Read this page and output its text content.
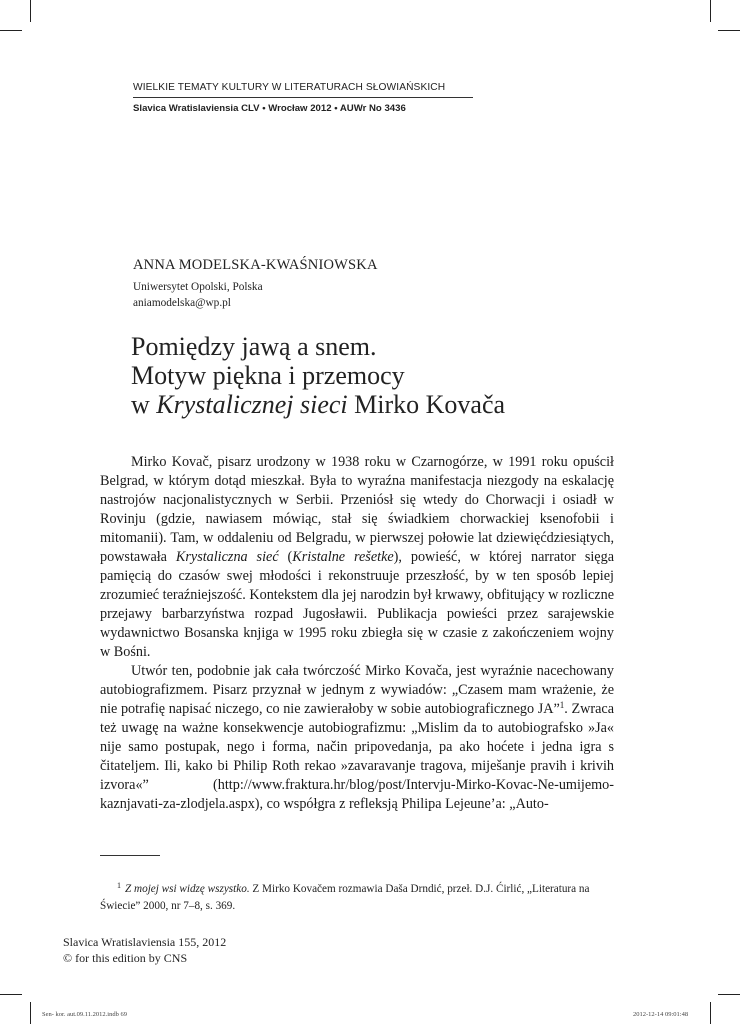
WIELKIE TEMATY KULTURY W LITERATURACH SŁOWIAŃSKICH
Slavica Wratislaviensia CLV • Wrocław 2012 • AUWr No 3436
ANNA MODELSKA-KWAŚNIOWSKA
Uniwersytet Opolski, Polska
aniamodelska@wp.pl
Pomiędzy jawą a snem.
Motyw piękna i przemocy
w Krystalicznej sieci Mirko Kovača

Mirko Kovač, pisarz urodzony w 1938 roku w Czarnogórze, w 1991 roku opuścił Belgrad, w którym dotąd mieszkał. Była to wyraźna manifestacja niezgody na eskalację nastrojów nacjonalistycznych w Serbii. Przeniósł się wtedy do Chorwacji i osiadł w Rovinju (gdzie, nawiasem mówiąc, stał się świadkiem chorwackiej ksenofobii i mitomanii). Tam, w oddaleniu od Belgradu, w pierwszej połowie lat dziewięćdziesiątych, powstawała Krystaliczna sieć (Kristalne rešetke), powieść, w której narrator sięga pamięcią do czasów swej młodości i rekonstruuje przeszłość, by w ten sposób lepiej zrozumieć teraźniejszość. Kontekstem dla jej narodzin był krwawy, obfitujący w rozliczne przejawy barbarzyństwa rozpad Jugosławii. Publikacja powieści przez sarajewskie wydawnictwo Bosanska knjiga w 1995 roku zbiegła się w czasie z zakończeniem wojny w Bośni.

Utwór ten, podobnie jak cała twórczość Mirko Kovača, jest wyraźnie nacechowany autobiografizmem. Pisarz przyznał w jednym z wywiadów: „Czasem mam wrażenie, że nie potrafię napisać niczego, co nie zawierałoby w sobie autobiograficznego JA”$^1$. Zwraca też uwagę na ważne konsekwencje autobiografizmu: „Mislim da to autobiografsko »Ja« nije samo postupak, nego i forma, način pripovedanja, pa ako hoćete i jedna igra s čitateljem. Ili, kako bi Philip Roth rekao »zavaravanje tragova, miješanje pravih i krivih izvora«” (http://www.fraktura.hr/blog/post/Intervju-Mirko-Kovac-Ne-umijemo-kaznjavati-za-zlodjela.aspx), co współgra z refleksją Philipa Lejeune’a: „Auto-

$^1$ Z mojej wsi widzę wszystko. Z Mirko Kovačem rozmawia Daša Drndić, przeł. D.J. Ćirlić, „Literatura na Świecie” 2000, nr 7–8, s. 369.

Slavica Wratislaviensia 155, 2012
© for this edition by CNS
Sen- kor. aut.09.11.2012.indb 69	2012-12-14 09:01:48
